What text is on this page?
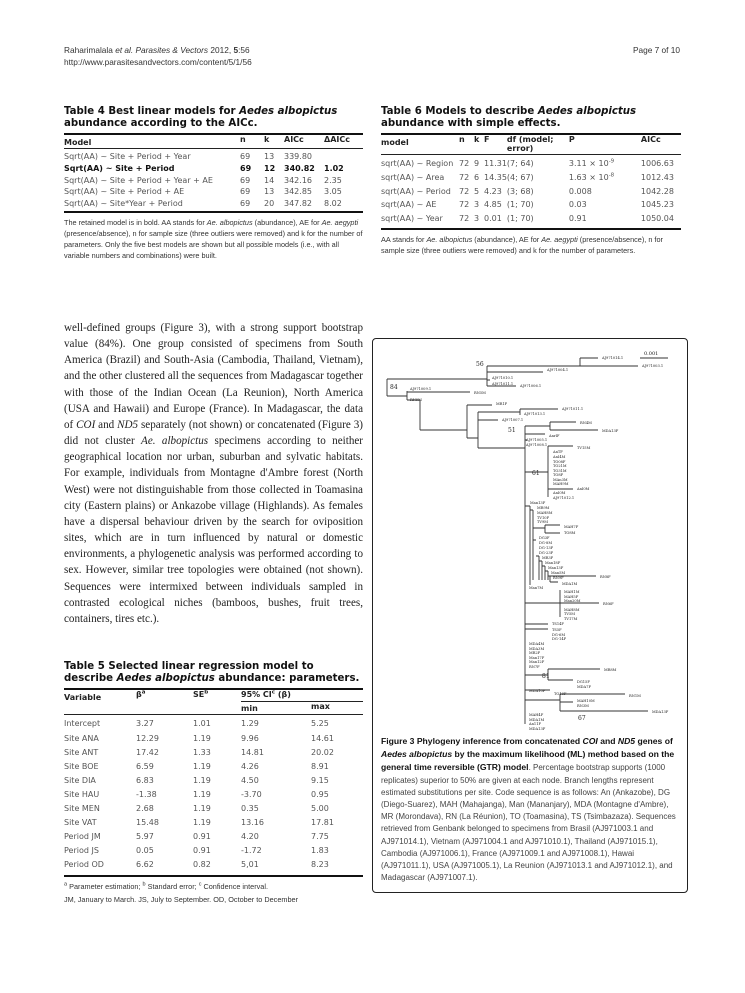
Raharimalala et al. Parasites & Vectors 2012, 5:56
http://www.parasitesandvectors.com/content/5/1/56
Page 7 of 10
Table 4 Best linear models for Aedes albopictus abundance according to the AICc.
Model	n	k	AICc	ΔAICc
Sqrt(AA) ~ Site + Period + Year	69	13	339.80	
Sqrt(AA) ~ Site + Period	69	12	340.82	1.02
Sqrt(AA) ~ Site + Period + Year + AE	69	14	342.16	2.35
Sqrt(AA) ~ Site + Period + AE	69	13	342.85	3.05
Sqrt(AA) ~ Site*Year + Period	69	20	347.82	8.02
The retained model is in bold. AA stands for Ae. albopictus (abundance), AE for Ae. aegypti (presence/absence), n for sample size (three outliers were removed) and k for the number of parameters. Only the five best models are shown but all possible models (i.e., with all variable numbers and combinations) were built.
well-defined groups (Figure 3), with a strong support bootstrap value (84%). One group consisted of specimens from South America (Brazil) and South-Asia (Cambodia, Thailand, Vietnam), and the other clustered all the sequences from Madagascar together with those of the Indian Ocean (La Reunion), North America (USA and Hawaii) and Europe (France). In Madagascar, the data of COI and ND5 separately (not shown) or concatenated (Figure 3) did not cluster Ae. albopictus specimens according to neither geographical location nor urban, suburban and sylvatic habitats. For example, individuals from Montagne d'Ambre forest (North West) were not distinguishable from those collected in Toamasina city (Eastern plains) or Ankazobe village (Highlands). As females have a dispersal behaviour driven by the search for oviposition sites, which are in turn influenced by natural or domestic environments, a phylogenetic analysis was performed according to sex. However, similar tree topologies were obtained (not shown). Sequences were intermixed between individuals sampled in contrasted ecological niches (bamboos, bushes, fruit trees, containers, tires etc.).
Table 5 Selected linear regression model to describe Aedes albopictus abundance: parameters.
Variable	$\beta^a$	$SE^b$	95% $CI^c$ (β)	
			min	max
Intercept	3.27	1.01	1.29	5.25
Site ANA	12.29	1.19	9.96	14.61
Site ANT	17.42	1.33	14.81	20.02
Site BOE	6.59	1.19	4.26	8.91
Site DIA	6.83	1.19	4.50	9.15
Site HAU	-1.38	1.19	-3.70	0.95
Site MEN	2.68	1.19	0.35	5.00
Site VAT	15.48	1.19	13.16	17.81
Period JM	5.97	0.91	4.20	7.75
Period JS	0.05	0.91	-1.72	1.83
Period OD	6.62	0.82	5,01	8.23
$^a$ Parameter estimation; $^b$ Standard error; $^c$ Confidence interval.
JM, January to March. JS, July to September. OD, October to December
Table 6 Models to describe Aedes albopictus abundance with simple effects.
model	n	k	F	df (model; error)	P	AICc
sqrt(AA) ~ Region	72	9	11.31	(7; 64)	$3.11 \times 10^{-9}$	1006.63
sqrt(AA) ~ Area	72	6	14.35	(4; 67)	$1.63 \times 10^{-8}$	1012.43
sqrt(AA) ~ Period	72	5	4.23	(3; 68)	0.008	1042.28
sqrt(AA) ~ AE	72	3	4.85	(1; 70)	0.03	1045.23
sqrt(AA) ~ Year	72	3	0.01	(1; 70)	0.91	1050.04
AA stands for Ae. albopictus (abundance), AE for Ae. aegypti (presence/absence), n for sample size (three outliers were removed) and k for the number of parameters.
AJ971014.1
AJ971003.1
AJ971004.1
AJ971010.1
AJ971011.1 AJ971006.1
AJ971009.1
RN5M
RN5M
MR1F
AJ971011.1
AJ971013.1
AJ971007.1
RN4M
MDA13F
AnrIF
AJ971005.1
AJ971008.1
TV15M
AnTF
AnI4M
TO08F
TO21M
TO31M
TO8F
MAn3M
MAH9M
AnI0M
AnI0M
AJ971012.1
Man13F
MR9M
MAH8M
TV10F
TV9M
MAH7F
TO8M
DG3F
DG-8M
DG-13F
DG-23F
MR3F
Man18F
Man13F
Man5M
RN9F	RN8F
MDA1M
Man7M
MAH1M
MAH5F
Man20M
RN6F
MAH8M
TV5M
TV17M
TS14F
TS5F
DG-6M
DG-14F
MDA4M
MDA3M
MR2F
Man17F
Man12F
RN7F
MR8M
DG15F
MDA7F
MDA10F
TO13F	RN1M
MAH10M
RN3M
MDA13F
MAH4F
MDA1M
An11F
MDA13F
56
84
51
61
81
67
0.001
Figure 3 Phylogeny inference from concatenated COI and ND5 genes of Aedes albopictus by the maximum likelihood (ML) method based on the general time reversible (GTR) model. Percentage bootstrap supports (1000 replicates) superior to 50% are given at each node. Branch lengths represent estimated substitutions per site. Code sequence is as follows: An (Ankazobe), DG (Diego-Suarez), MAH (Mahajanga), Man (Mananjary), MDA (Montagne d'Ambre), MR (Morondava), RN (La Réunion), TO (Toamasina), TS (Tsimbazaza). Sequences retrieved from Genbank belonged to specimens from Brasil (AJ971003.1 and AJ971014.1), Vietnam (AJ971004.1 and AJ971010.1), Thailand (AJ971015.1), Cambodia (AJ971006.1), France (AJ971009.1 and AJ971008.1), Hawai (AJ971011.1), USA (AJ971005.1), La Reunion (AJ971013.1 and AJ971012.1), and Madagascar (AJ971007.1).
